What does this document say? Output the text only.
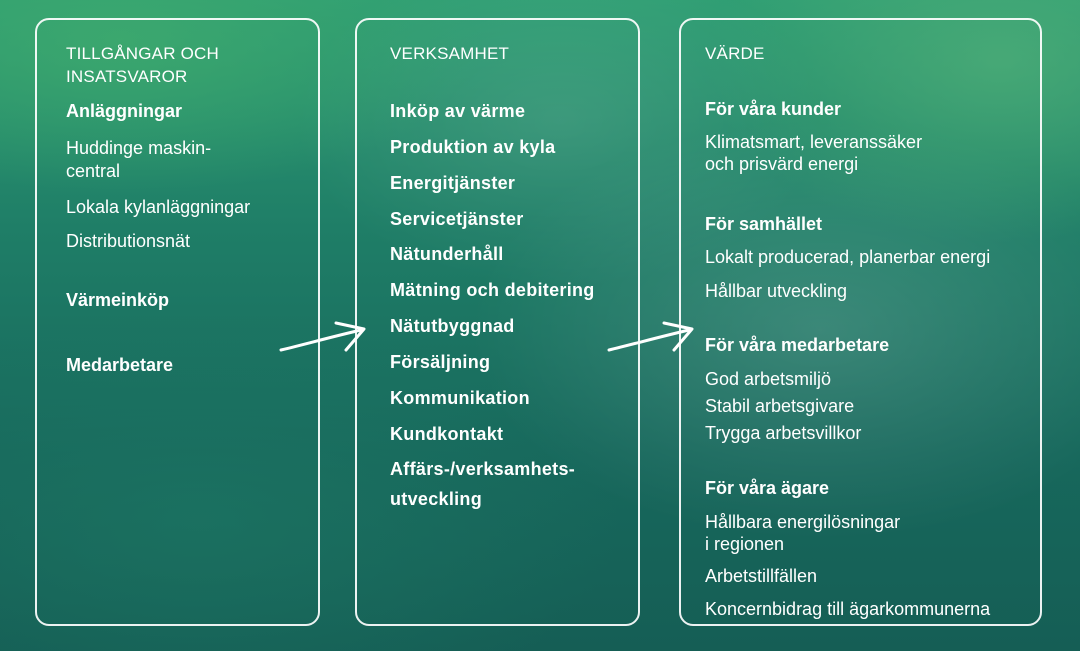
TILLGÅNGAR OCH
INSATSVAROR
Anläggningar
Huddinge maskin-
central
Lokala kylanläggningar
Distributionsnät
Värmeinköp
Medarbetare
VERKSAMHET
Inköp av värme
Produktion av kyla
Energitjänster
Servicetjänster
Nätunderhåll
Mätning och debitering
Nätutbyggnad
Försäljning
Kommunikation
Kundkontakt
Affärs-/verksamhets-
utveckling
VÄRDE
För våra kunder
Klimatsmart, leveranssäker
och prisvärd energi
För samhället
Lokalt producerad, planerbar energi
Hållbar utveckling
För våra medarbetare
God arbetsmiljö
Stabil arbetsgivare
Trygga arbetsvillkor
För våra ägare
Hållbara energilösningar
i regionen
Arbetstillfällen
Koncernbidrag till ägarkommunerna
